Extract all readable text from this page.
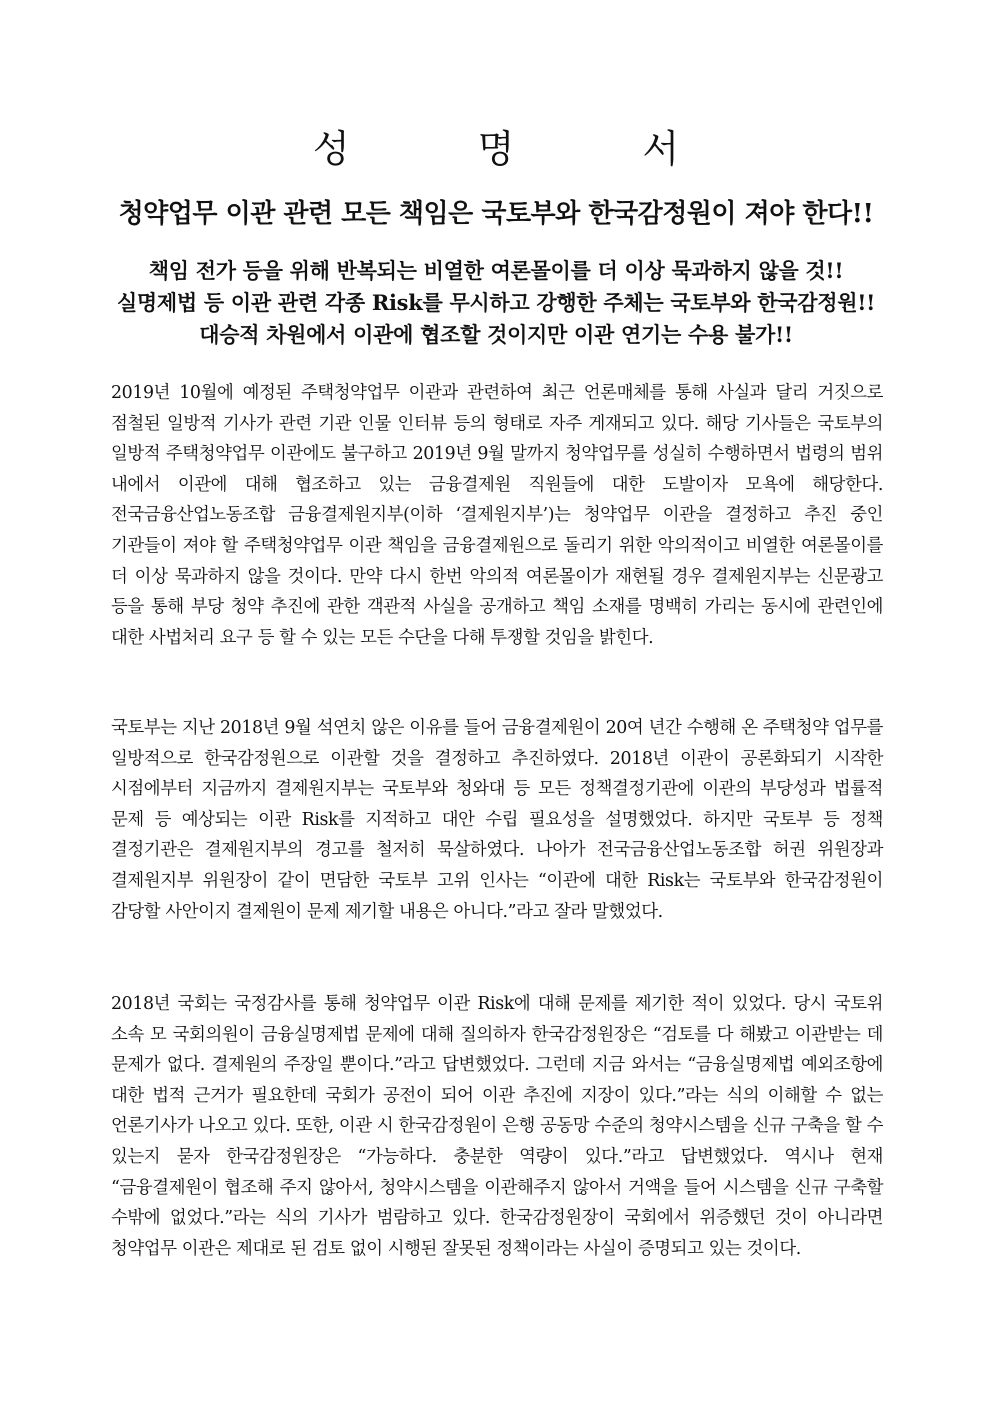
성 명 서
청약업무 이관 관련 모든 책임은 국토부와 한국감정원이 져야 한다!!
책임 전가 등을 위해 반복되는 비열한 여론몰이를 더 이상 묵과하지 않을 것!!
실명제법 등 이관 관련 각종 Risk를 무시하고 강행한 주체는 국토부와 한국감정원!!
대승적 차원에서 이관에 협조할 것이지만 이관 연기는 수용 불가!!

2019년 10월에 예정된 주택청약업무 이관과 관련하여 최근 언론매체를 통해 사실과 달리 거짓으로 점철된 일방적 기사가 관련 기관 인물 인터뷰 등의 형태로 자주 게재되고 있다. 해당 기사들은 국토부의 일방적 주택청약업무 이관에도 불구하고 2019년 9월 말까지 청약업무를 성실히 수행하면서 법령의 범위 내에서 이관에 대해 협조하고 있는 금융결제원 직원들에 대한 도발이자 모욕에 해당한다. 전국금융산업노동조합 금융결제원지부(이하 ‘결제원지부’)는 청약업무 이관을 결정하고 추진 중인 기관들이 져야 할 주택청약업무 이관 책임을 금융결제원으로 돌리기 위한 악의적이고 비열한 여론몰이를 더 이상 묵과하지 않을 것이다. 만약 다시 한번 악의적 여론몰이가 재현될 경우 결제원지부는 신문광고 등을 통해 부당 청약 추진에 관한 객관적 사실을 공개하고 책임 소재를 명백히 가리는 동시에 관련인에 대한 사법처리 요구 등 할 수 있는 모든 수단을 다해 투쟁할 것임을 밝힌다.

국토부는 지난 2018년 9월 석연치 않은 이유를 들어 금융결제원이 20여 년간 수행해 온 주택청약 업무를 일방적으로 한국감정원으로 이관할 것을 결정하고 추진하였다. 2018년 이관이 공론화되기 시작한 시점에부터 지금까지 결제원지부는 국토부와 청와대 등 모든 정책결정기관에 이관의 부당성과 법률적 문제 등 예상되는 이관 Risk를 지적하고 대안 수립 필요성을 설명했었다. 하지만 국토부 등 정책 결정기관은 결제원지부의 경고를 철저히 묵살하였다. 나아가 전국금융산업노동조합 허권 위원장과 결제원지부 위원장이 같이 면담한 국토부 고위 인사는 “이관에 대한 Risk는 국토부와 한국감정원이 감당할 사안이지 결제원이 문제 제기할 내용은 아니다.”라고 잘라 말했었다.

2018년 국회는 국정감사를 통해 청약업무 이관 Risk에 대해 문제를 제기한 적이 있었다. 당시 국토위 소속 모 국회의원이 금융실명제법 문제에 대해 질의하자 한국감정원장은 “검토를 다 해봤고 이관받는 데 문제가 없다. 결제원의 주장일 뿐이다.”라고 답변했었다. 그런데 지금 와서는 “금융실명제법 예외조항에 대한 법적 근거가 필요한데 국회가 공전이 되어 이관 추진에 지장이 있다.”라는 식의 이해할 수 없는 언론기사가 나오고 있다. 또한, 이관 시 한국감정원이 은행 공동망 수준의 청약시스템을 신규 구축을 할 수 있는지 묻자 한국감정원장은 “가능하다. 충분한 역량이 있다.”라고 답변했었다. 역시나 현재 “금융결제원이 협조해 주지 않아서, 청약시스템을 이관해주지 않아서 거액을 들어 시스템을 신규 구축할 수밖에 없었다.”라는 식의 기사가 범람하고 있다. 한국감정원장이 국회에서 위증했던 것이 아니라면 청약업무 이관은 제대로 된 검토 없이 시행된 잘못된 정책이라는 사실이 증명되고 있는 것이다.
